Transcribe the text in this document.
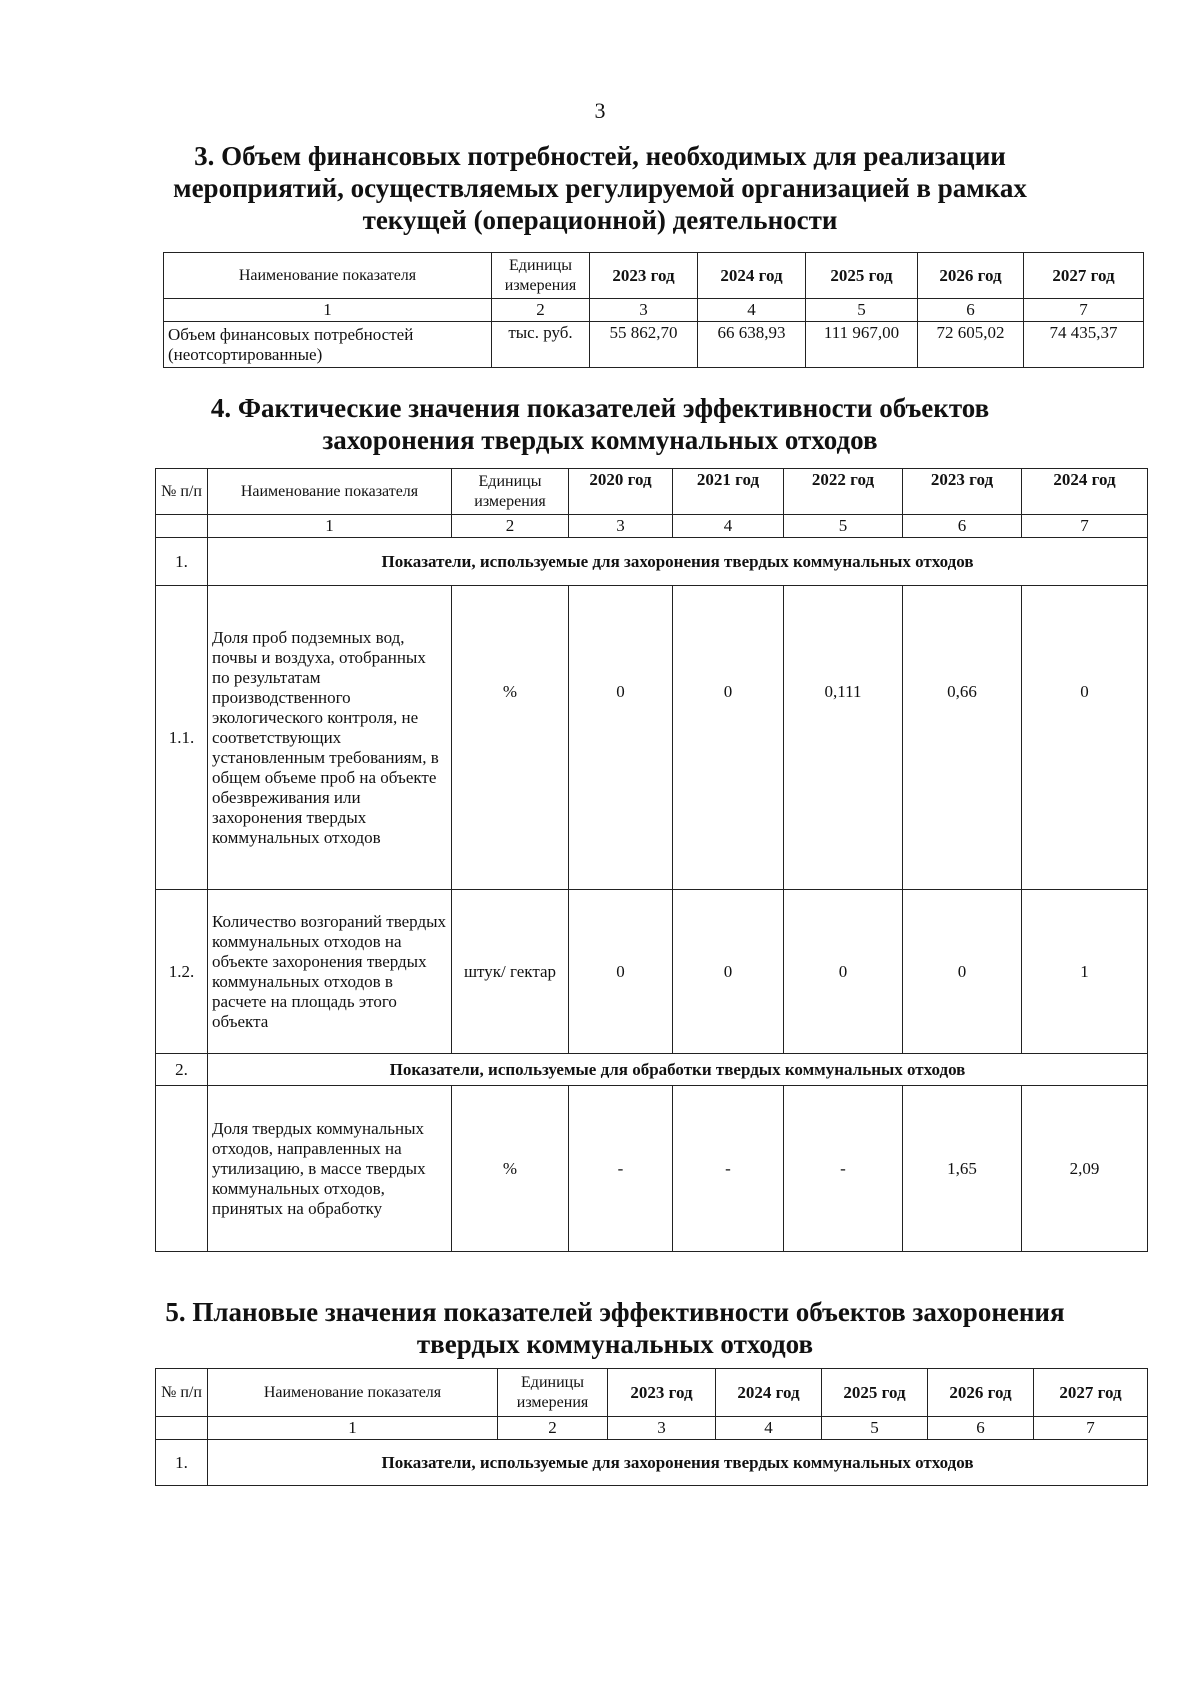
3
3. Объем финансовых потребностей, необходимых для реализации мероприятий, осуществляемых регулируемой организацией в рамках текущей (операционной) деятельности
Наименование показателя	Единицы измерения	2023 год	2024 год	2025 год	2026 год	2027 год
1	2	3	4	5	6	7
Объем финансовых потребностей (неотсортированные)	тыс. руб.	55 862,70	66 638,93	111 967,00	72 605,02	74 435,37
4. Фактические значения показателей эффективности объектов захоронения твердых коммунальных отходов
№ п/п	Наименование показателя	Единицы измерения	2020 год	2021 год	2022 год	2023 год	2024 год
	1	2	3	4	5	6	7
1.	Показатели, используемые для захоронения твердых коммунальных отходов						
1.1.	Доля проб подземных вод, почвы и воздуха, отобранных по результатам производственного экологического контроля, не соответствующих установленным требованиям, в общем объеме проб на объекте обезвреживания или захоронения твердых коммунальных отходов	%	0	0	0,111	0,66	0
1.2.	Количество возгораний твердых коммунальных отходов на объекте захоронения твердых коммунальных отходов в расчете на площадь этого объекта	штук/ гектар	0	0	0	0	1
2.	Показатели, используемые для обработки твердых коммунальных отходов						
	Доля твердых коммунальных отходов, направленных на утилизацию, в массе твердых коммунальных отходов, принятых на обработку	%	-	-	-	1,65	2,09
5. Плановые значения показателей эффективности объектов захоронения твердых коммунальных отходов
№ п/п	Наименование показателя	Единицы измерения	2023 год	2024 год	2025 год	2026 год	2027 год
	1	2	3	4	5	6	7
1.	Показатели, используемые для захоронения твердых коммунальных отходов						
